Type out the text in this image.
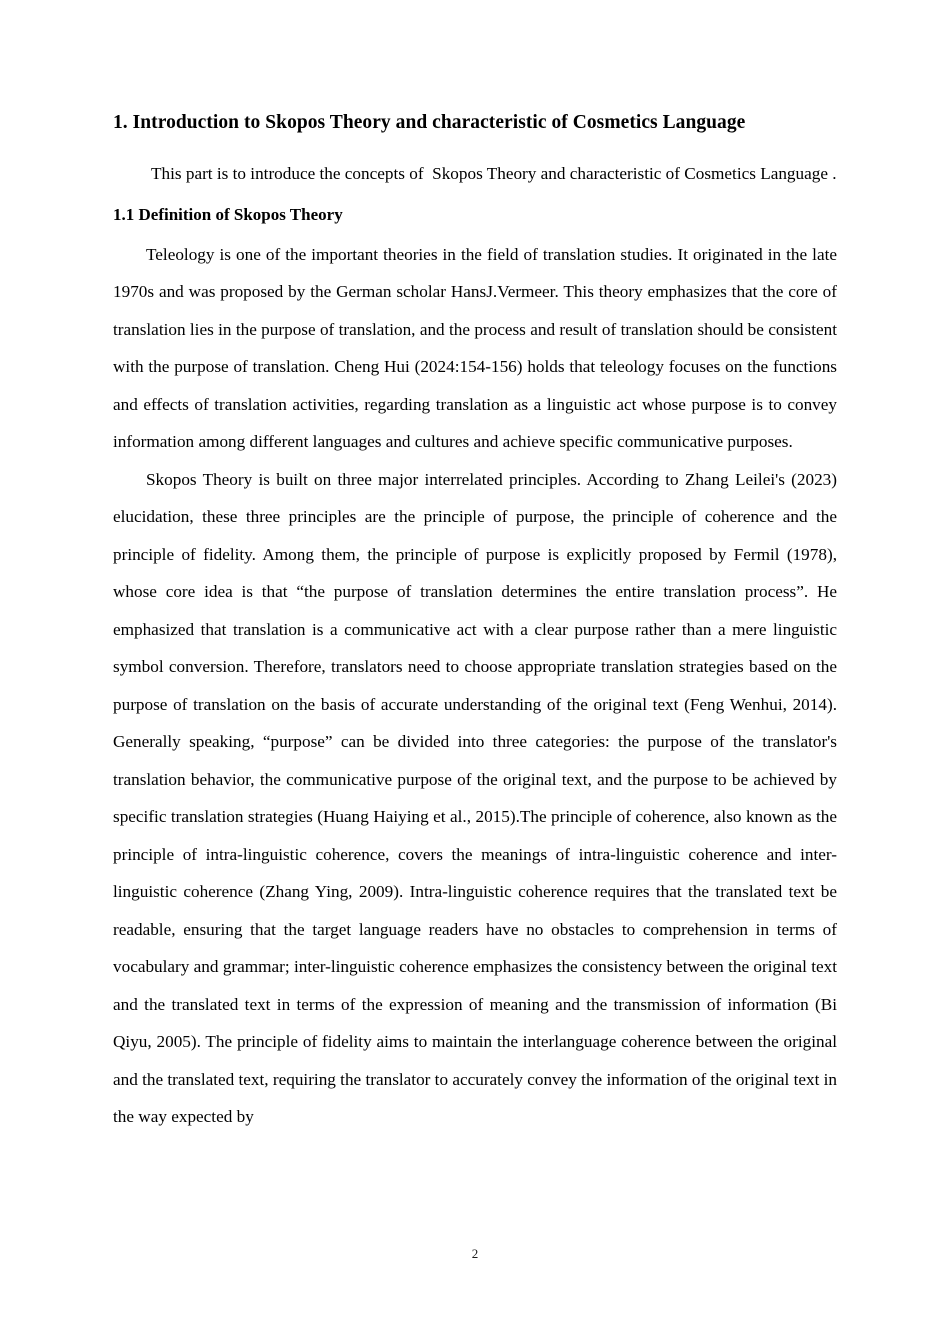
1. Introduction to Skopos Theory and characteristic of Cosmetics Language

This part is to introduce the concepts of  Skopos Theory and characteristic of Cosmetics Language .

1.1 Definition of Skopos Theory

Teleology is one of the important theories in the field of translation studies. It originated in the late 1970s and was proposed by the German scholar HansJ.Vermeer. This theory emphasizes that the core of translation lies in the purpose of translation, and the process and result of translation should be consistent with the purpose of translation. Cheng Hui (2024:154-156) holds that teleology focuses on the functions and effects of translation activities, regarding translation as a linguistic act whose purpose is to convey information among different languages and cultures and achieve specific communicative purposes.

Skopos Theory is built on three major interrelated principles. According to Zhang Leilei's (2023) elucidation, these three principles are the principle of purpose, the principle of coherence and the principle of fidelity. Among them, the principle of purpose is explicitly proposed by Fermil (1978), whose core idea is that “the purpose of translation determines the entire translation process”. He emphasized that translation is a communicative act with a clear purpose rather than a mere linguistic symbol conversion. Therefore, translators need to choose appropriate translation strategies based on the purpose of translation on the basis of accurate understanding of the original text (Feng Wenhui, 2014). Generally speaking, “purpose” can be divided into three categories: the purpose of the translator's translation behavior, the communicative purpose of the original text, and the purpose to be achieved by specific translation strategies (Huang Haiying et al., 2015).The principle of coherence, also known as the principle of intra-linguistic coherence, covers the meanings of intra-linguistic coherence and inter-linguistic coherence (Zhang Ying, 2009). Intra-linguistic coherence requires that the translated text be readable, ensuring that the target language readers have no obstacles to comprehension in terms of vocabulary and grammar; inter-linguistic coherence emphasizes the consistency between the original text and the translated text in terms of the expression of meaning and the transmission of information (Bi Qiyu, 2005). The principle of fidelity aims to maintain the interlanguage coherence between the original and the translated text, requiring the translator to accurately convey the information of the original text in the way expected by

2
